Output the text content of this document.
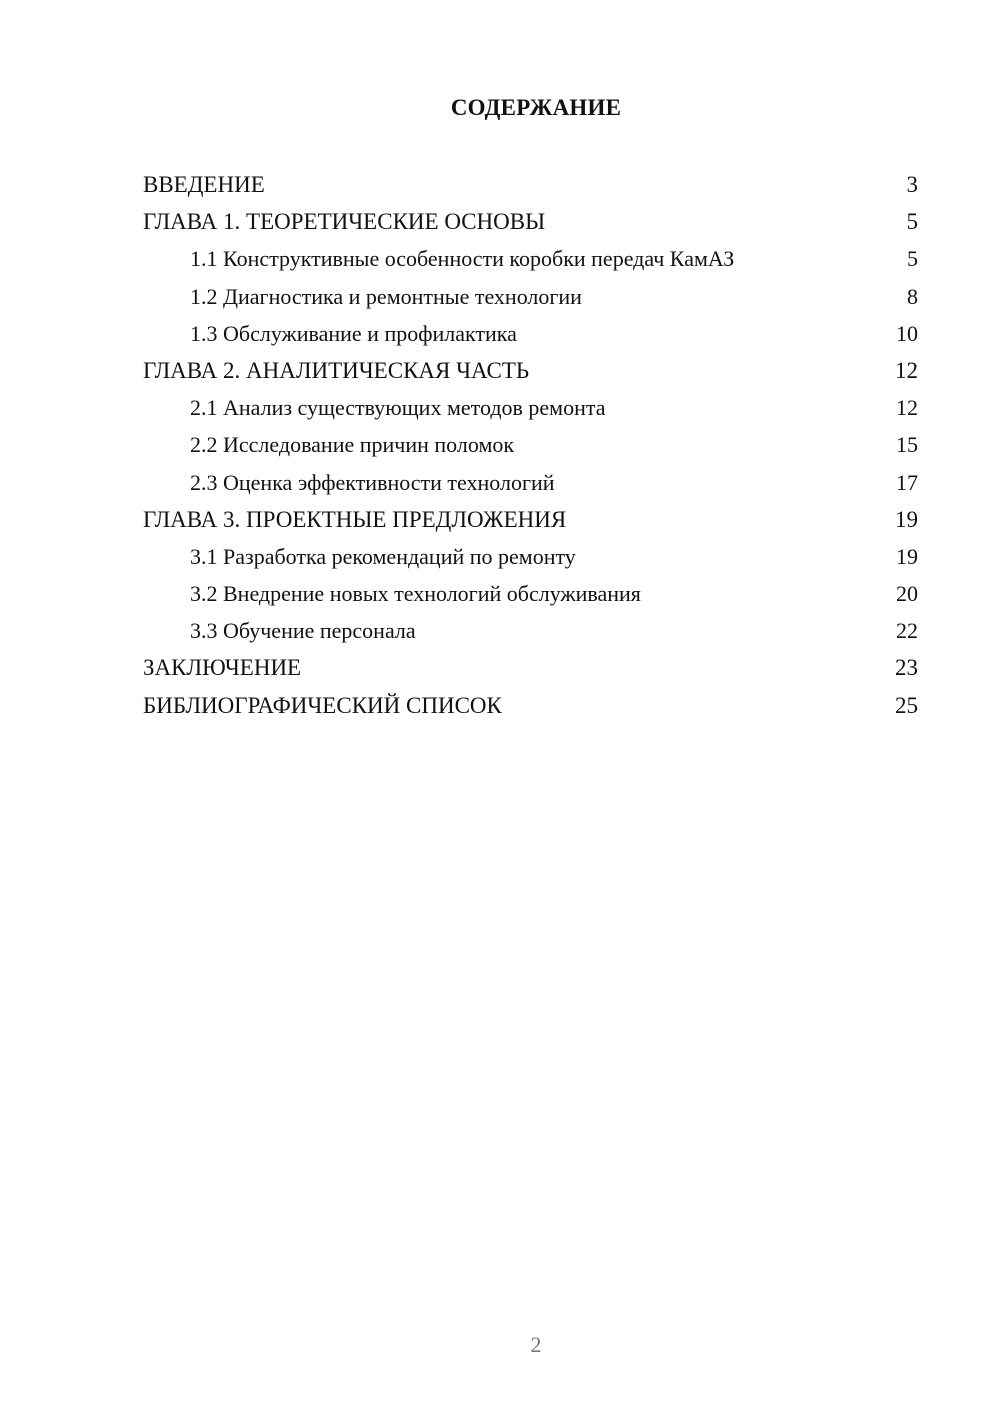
СОДЕРЖАНИЕ
ВВЕДЕНИЕ	3
ГЛАВА 1. ТЕОРЕТИЧЕСКИЕ ОСНОВЫ	5
1.1 Конструктивные особенности коробки передач КамАЗ	5
1.2 Диагностика и ремонтные технологии	8
1.3 Обслуживание и профилактика	10
ГЛАВА 2. АНАЛИТИЧЕСКАЯ ЧАСТЬ	12
2.1 Анализ существующих методов ремонта	12
2.2 Исследование причин поломок	15
2.3 Оценка эффективности технологий	17
ГЛАВА 3. ПРОЕКТНЫЕ ПРЕДЛОЖЕНИЯ	19
3.1 Разработка рекомендаций по ремонту	19
3.2 Внедрение новых технологий обслуживания	20
3.3 Обучение персонала	22
ЗАКЛЮЧЕНИЕ	23
БИБЛИОГРАФИЧЕСКИЙ СПИСОК	25
2
